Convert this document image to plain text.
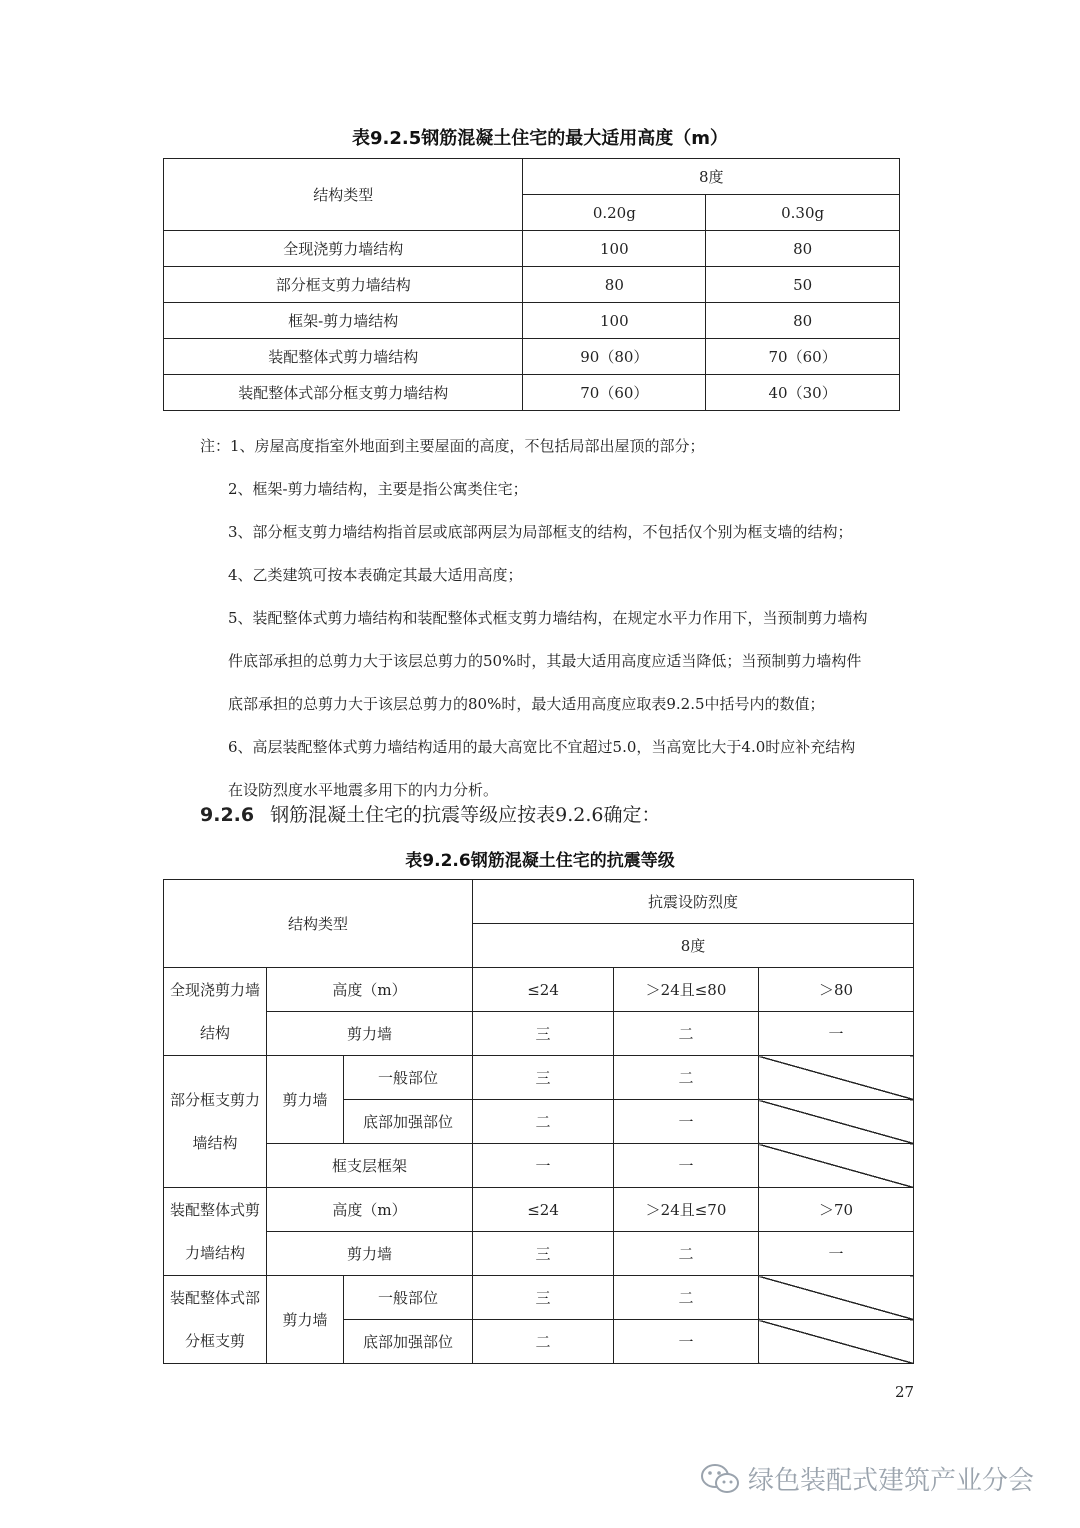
表9.2.5钢筋混凝土住宅的最大适用高度（m）
结构类型	8度	
	0.20g	0.30g
全现浇剪力墙结构	100	80
部分框支剪力墙结构	80	50
框架-剪力墙结构	100	80
装配整体式剪力墙结构	90（80）	70（60）
装配整体式部分框支剪力墙结构	70（60）	40（30）
注：1、房屋高度指室外地面到主要屋面的高度，不包括局部出屋顶的部分；
2、框架-剪力墙结构，主要是指公寓类住宅；
3、部分框支剪力墙结构指首层或底部两层为局部框支的结构，不包括仅个别为框支墙的结构；
4、乙类建筑可按本表确定其最大适用高度；
5、装配整体式剪力墙结构和装配整体式框支剪力墙结构，在规定水平力作用下，当预制剪力墙构
件底部承担的总剪力大于该层总剪力的50%时，其最大适用高度应适当降低；当预制剪力墙构件
底部承担的总剪力大于该层总剪力的80%时，最大适用高度应取表9.2.5中括号内的数值；
6、高层装配整体式剪力墙结构适用的最大高宽比不宜超过5.0，当高宽比大于4.0时应补充结构
在设防烈度水平地震多用下的内力分析。
9.2.6 钢筋混凝土住宅的抗震等级应按表9.2.6确定：
表9.2.6钢筋混凝土住宅的抗震等级
结构类型			抗震设防烈度		
			8度		
全现浇剪力墙结构	高度（m）		≤24	＞24且≤80	＞80
	剪力墙		三	二	一
部分框支剪力墙结构	剪力墙	一般部位	三	二	
		底部加强部位	二	一	
	框支层框架		一	一	
装配整体式剪力墙结构	高度（m）		≤24	＞24且≤70	＞70
	剪力墙		三	二	一
装配整体式部分框支剪	剪力墙	一般部位	三	二	
		底部加强部位	二	一	
27
绿色装配式建筑产业分会
